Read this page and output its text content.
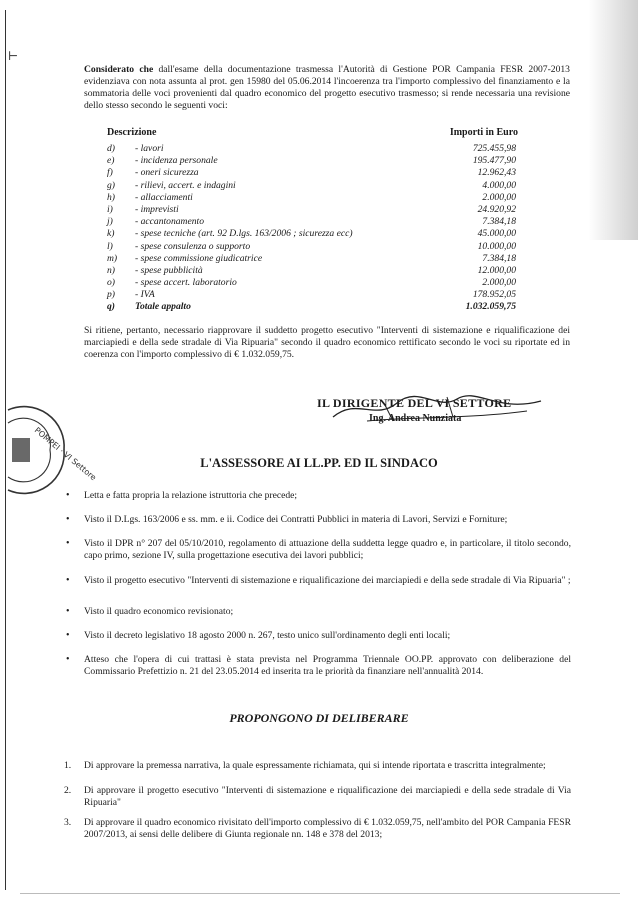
⊢
Considerato che dall'esame della documentazione trasmessa l'Autorità di Gestione POR Campania FESR 2007-2013 evidenziava con nota assunta al prot. gen 15980 del 05.06.2014 l'incoerenza tra l'importo complessivo del finanziamento e la sommatoria delle voci provenienti dal quadro economico del progetto esecutivo trasmesso; si rende necessaria una revisione dello stesso secondo le seguenti voci:
Descrizione	Importi in Euro
d) - lavori	725.455,98
e) - incidenza personale	195.477,90
f) - oneri sicurezza	12.962,43
g) - rilievi, accert. e indagini	4.000,00
h) - allacciamenti	2.000,00
i) - imprevisti	24.920,92
j) - accantonamento	7.384,18
k) - spese tecniche (art. 92 D.lgs. 163/2006 ; sicurezza ecc)	45.000,00
l) - spese consulenza o supporto	10.000,00
m) - spese commissione giudicatrice	7.384,18
n) - spese pubblicità	12.000,00
o) - spese accert. laboratorio	2.000,00
p) - IVA	178.952,05
q) Totale appalto	1.032.059,75
Si ritiene, pertanto, necessario riapprovare il suddetto progetto esecutivo "Interventi di sistemazione e riqualificazione dei marciapiedi e della sede stradale di Via Ripuaria" secondo il quadro economico rettificato secondo le voci su riportate ed in coerenza con l'importo complessivo di € 1.032.059,75.
IL DIRIGENTE DEL VI SETTORE
Ing. Andrea Nunziata
POMPEI · VI Settore	L'ASSESSORE AI LL.PP. ED IL SINDACO
• Letta e fatta propria la relazione istruttoria che precede;
• Visto il D.Lgs. 163/2006 e ss. mm. e ii. Codice dei Contratti Pubblici in materia di Lavori, Servizi e Forniture;
• Visto il DPR n° 207 del 05/10/2010, regolamento di attuazione della suddetta legge quadro e, in particolare, il titolo secondo, capo primo, sezione IV, sulla progettazione esecutiva dei lavori pubblici;
• Visto il progetto esecutivo "Interventi di sistemazione e riqualificazione dei marciapiedi e della sede stradale di Via Ripuaria" ;
• Visto il quadro economico revisionato;
• Visto il decreto legislativo 18 agosto 2000 n. 267, testo unico sull'ordinamento degli enti locali;
• Atteso che l'opera di cui trattasi è stata prevista nel Programma Triennale OO.PP. approvato con deliberazione del Commissario Prefettizio n. 21 del 23.05.2014 ed inserita tra le priorità da finanziare nell'annualità 2014.
PROPONGONO DI DELIBERARE
1. Di approvare la premessa narrativa, la quale espressamente richiamata, qui si intende riportata e trascritta integralmente;
2. Di approvare il progetto esecutivo "Interventi di sistemazione e riqualificazione dei marciapiedi e della sede stradale di Via Ripuaria"
3. Di approvare il quadro economico rivisitato dell'importo complessivo di € 1.032.059,75, nell'ambito del POR Campania FESR 2007/2013, ai sensi delle delibere di Giunta regionale nn. 148 e 378 del 2013;
